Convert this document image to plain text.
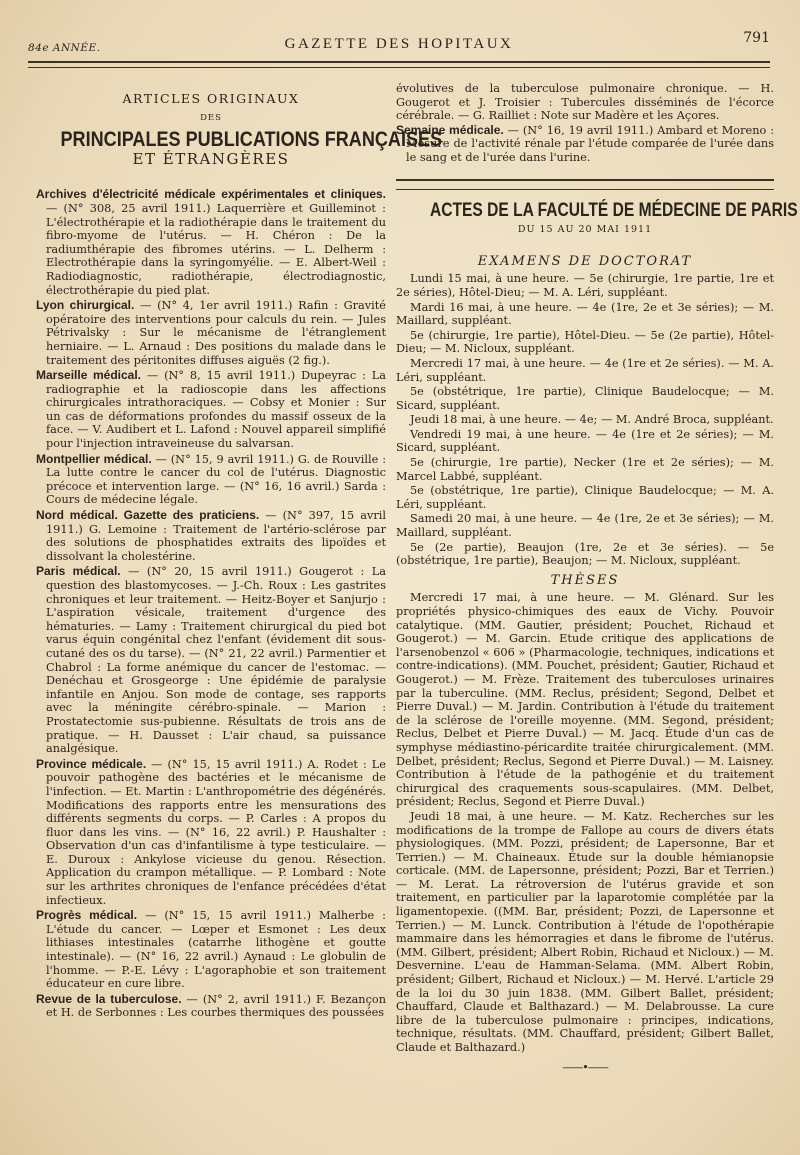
84e ANNÉE.	GAZETTE DES HOPITAUX	791
ARTICLES ORIGINAUX
DES
PRINCIPALES PUBLICATIONS FRANÇAISES
ET ÉTRANGÈRES

Archives d'électricité médicale expérimentales et cliniques. — (N° 308, 25 avril 1911.) Laquerrière et Guilleminot : L'électrothérapie et la radiothérapie dans le traitement du fibro-myome de l'utérus. — H. Chéron : De la radiumthérapie des fibromes utérins. — L. Delherm : Electrothérapie dans la syringomyélie. — E. Albert-Weil : Radiodiagnostic, radiothérapie, électrodiagnostic, électrothérapie du pied plat.

Lyon chirurgical. — (N° 4, 1er avril 1911.) Rafin : Gravité opératoire des interventions pour calculs du rein. — Jules Pétrivalsky : Sur le mécanisme de l'étranglement herniaire. — L. Arnaud : Des positions du malade dans le traitement des péritonites diffuses aiguës (2 fig.).

Marseille médical. — (N° 8, 15 avril 1911.) Dupeyrac : La radiographie et la radioscopie dans les affections chirurgicales intrathoraciques. — Cobsy et Monier : Sur un cas de déformations profondes du massif osseux de la face. — V. Audibert et L. Lafond : Nouvel appareil simplifié pour l'injection intraveineuse du salvarsan.

Montpellier médical. — (N° 15, 9 avril 1911.) G. de Rouville : La lutte contre le cancer du col de l'utérus. Diagnostic précoce et intervention large. — (N° 16, 16 avril.) Sarda : Cours de médecine légale.

Nord médical. Gazette des praticiens. — (N° 397, 15 avril 1911.) G. Lemoine : Traitement de l'artério-sclérose par des solutions de phosphatides extraits des lipoïdes et dissolvant la cholestérine.

Paris médical. — (N° 20, 15 avril 1911.) Gougerot : La question des blastomycoses. — J.-Ch. Roux : Les gastrites chroniques et leur traitement. — Heitz-Boyer et Sanjurjo : L'aspiration vésicale, traitement d'urgence des hématuries. — Lamy : Traitement chirurgical du pied bot varus équin congénital chez l'enfant (évidement dit sous-cutané des os du tarse). — (N° 21, 22 avril.) Parmentier et Chabrol : La forme anémique du cancer de l'estomac. — Denéchau et Grosgeorge : Une épidémie de paralysie infantile en Anjou. Son mode de contage, ses rapports avec la méningite cérébro-spinale. — Marion : Prostatectomie sus-pubienne. Résultats de trois ans de pratique. — H. Dausset : L'air chaud, sa puissance analgésique.

Province médicale. — (N° 15, 15 avril 1911.) A. Rodet : Le pouvoir pathogène des bactéries et le mécanisme de l'infection. — Et. Martin : L'anthropométrie des dégénérés. Modifications des rapports entre les mensurations des différents segments du corps. — P. Carles : A propos du fluor dans les vins. — (N° 16, 22 avril.) P. Haushalter : Observation d'un cas d'infantilisme à type testiculaire. — E. Duroux : Ankylose vicieuse du genou. Résection. Application du crampon métallique. — P. Lombard : Note sur les arthrites chroniques de l'enfance précédées d'état infectieux.

Progrès médical. — (N° 15, 15 avril 1911.) Malherbe : L'étude du cancer. — Lœper et Esmonet : Les deux lithiases intestinales (catarrhe lithogène et goutte intestinale). — (N° 16, 22 avril.) Aynaud : Le globulin de l'homme. — P.-E. Lévy : L'agoraphobie et son traitement éducateur en cure libre.

Revue de la tuberculose. — (N° 2, avril 1911.) F. Bezançon et H. de Serbonnes : Les courbes thermiques des poussées

évolutives de la tuberculose pulmonaire chronique. — H. Gougerot et J. Troisier : Tubercules disséminés de l'écorce cérébrale. — G. Railliet : Note sur Madère et les Açores.

Semaine médicale. — (N° 16, 19 avril 1911.) Ambard et Moreno : Mesure de l'activité rénale par l'étude comparée de l'urée dans le sang et de l'urée dans l'urine.

ACTES DE LA FACULTÉ DE MÉDECINE DE PARIS
DU 15 AU 20 MAI 1911
EXAMENS DE DOCTORAT

Lundi 15 mai, à une heure. — 5e (chirurgie, 1re partie, 1re et 2e séries), Hôtel-Dieu; — M. A. Léri, suppléant.

Mardi 16 mai, à une heure. — 4e (1re, 2e et 3e séries); — M. Maillard, suppléant.

5e (chirurgie, 1re partie), Hôtel-Dieu. — 5e (2e partie), Hôtel-Dieu; — M. Nicloux, suppléant.

Mercredi 17 mai, à une heure. — 4e (1re et 2e séries). — M. A. Léri, suppléant.

5e (obstétrique, 1re partie), Clinique Baudelocque; — M. Sicard, suppléant.

Jeudi 18 mai, à une heure. — 4e; — M. André Broca, suppléant.

Vendredi 19 mai, à une heure. — 4e (1re et 2e séries); — M. Sicard, suppléant.

5e (chirurgie, 1re partie), Necker (1re et 2e séries); — M. Marcel Labbé, suppléant.

5e (obstétrique, 1re partie), Clinique Baudelocque; — M. A. Léri, suppléant.

Samedi 20 mai, à une heure. — 4e (1re, 2e et 3e séries); — M. Maillard, suppléant.

5e (2e partie), Beaujon (1re, 2e et 3e séries). — 5e (obstétrique, 1re partie), Beaujon; — M. Nicloux, suppléant.

THÈSES

Mercredi 17 mai, à une heure. — M. Glénard. Sur les propriétés physico-chimiques des eaux de Vichy. Pouvoir catalytique. (MM. Gautier, président; Pouchet, Richaud et Gougerot.) — M. Garcin. Etude critique des applications de l'arsenobenzol « 606 » (Pharmacologie, techniques, indications et contre-indications). (MM. Pouchet, président; Gautier, Richaud et Gougerot.) — M. Frèze. Traitement des tuberculoses urinaires par la tuberculine. (MM. Reclus, président; Segond, Delbet et Pierre Duval.) — M. Jardin. Contribution à l'étude du traitement de la sclérose de l'oreille moyenne. (MM. Segond, président; Reclus, Delbet et Pierre Duval.) — M. Jacq. Étude d'un cas de symphyse médiastino-péricardite traitée chirurgicalement. (MM. Delbet, président; Reclus, Segond et Pierre Duval.) — M. Laisney. Contribution à l'étude de la pathogénie et du traitement chirurgical des craquements sous-scapulaires. (MM. Delbet, président; Reclus, Segond et Pierre Duval.)

Jeudi 18 mai, à une heure. — M. Katz. Recherches sur les modifications de la trompe de Fallope au cours de divers états physiologiques. (MM. Pozzi, président; de Lapersonne, Bar et Terrien.) — M. Chaineaux. Étude sur la double hémianopsie corticale. (MM. de Lapersonne, président; Pozzi, Bar et Terrien.) — M. Lerat. La rétroversion de l'utérus gravide et son traitement, en particulier par la laparotomie complétée par la ligamentopexie. ((MM. Bar, président; Pozzi, de Lapersonne et Terrien.) — M. Lunck. Contribution à l'étude de l'opothérapie mammaire dans les hémorragies et dans le fibrome de l'utérus. (MM. Gilbert, président; Albert Robin, Richaud et Nicloux.) — M. Desvernine. L'eau de Hamman-Selama. (MM. Albert Robin, président; Gilbert, Richaud et Nicloux.) — M. Hervé. L'article 29 de la loi du 30 juin 1838. (MM. Gilbert Ballet, président; Chauffard, Claude et Balthazard.) — M. Delabrousse. La cure libre de la tuberculose pulmonaire : principes, indications, technique, résultats. (MM. Chauffard, président; Gilbert Ballet, Claude et Balthazard.)

——•——
